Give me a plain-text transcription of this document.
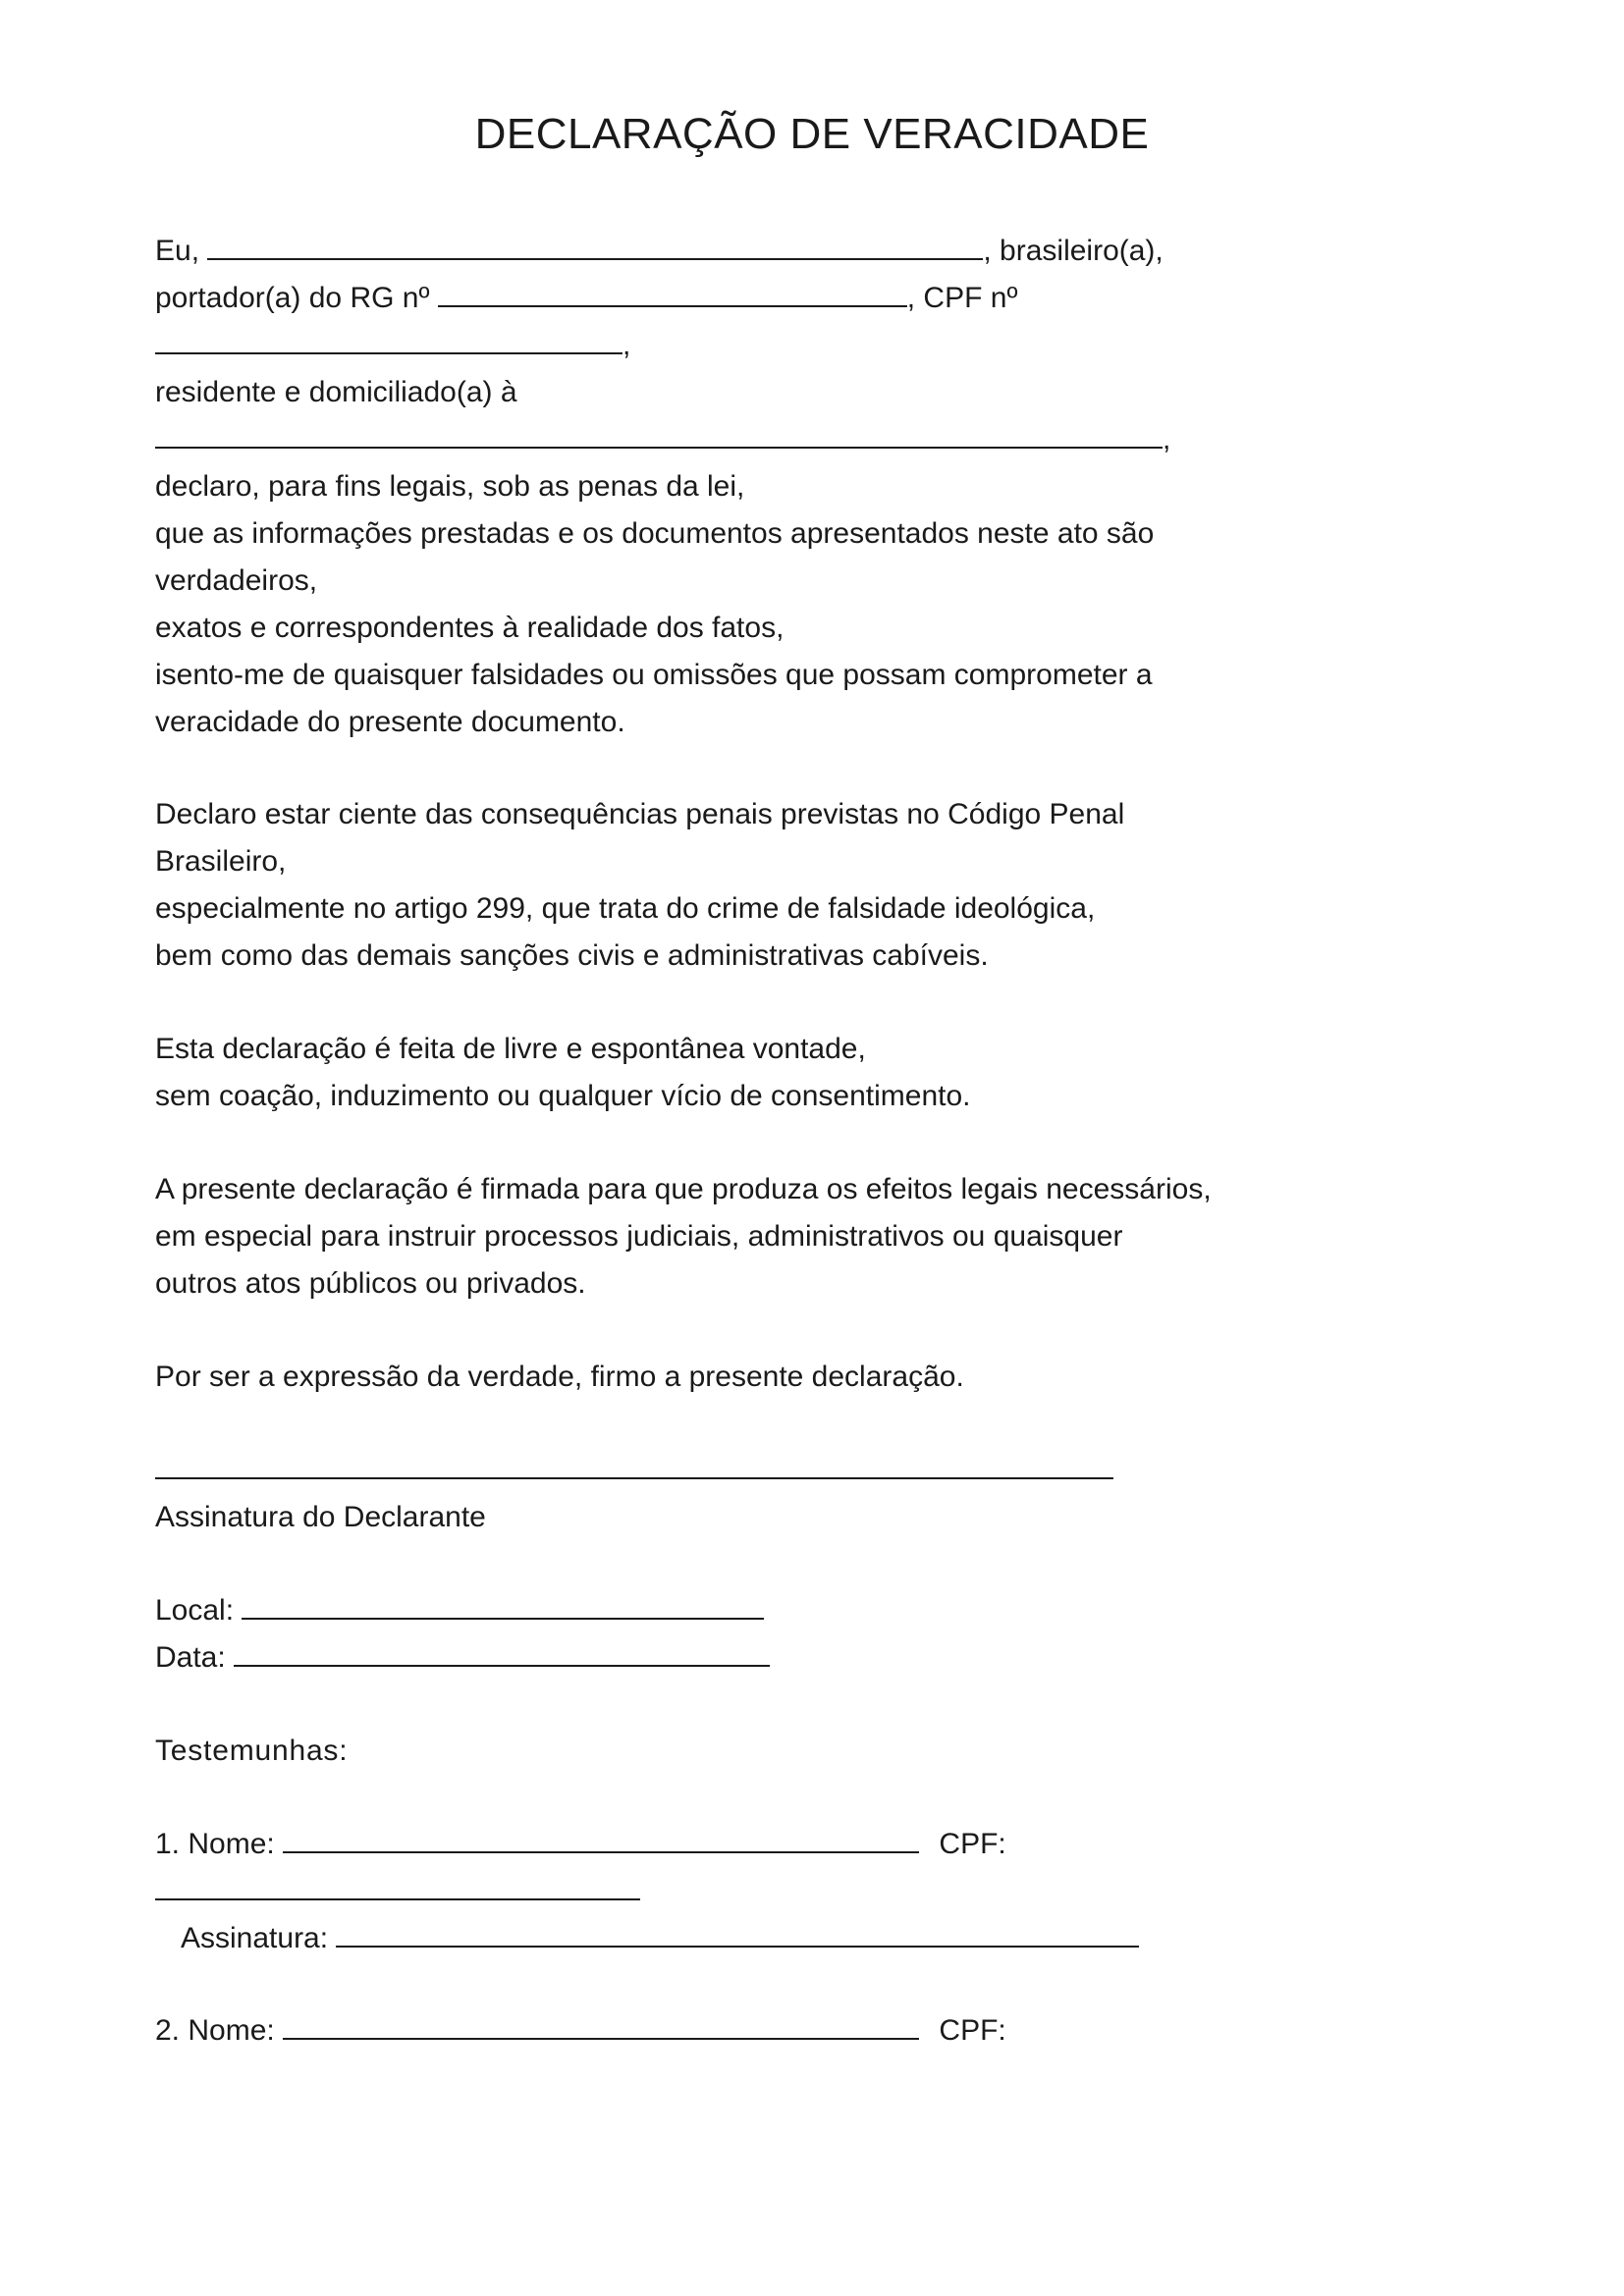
DECLARAÇÃO DE VERACIDADE
Eu,	, brasileiro(a),
portador(a) do RG nº	, CPF nº
,
residente e domiciliado(a) à
,
declaro, para fins legais, sob as penas da lei,
que as informações prestadas e os documentos apresentados neste ato são
verdadeiros,
exatos e correspondentes à realidade dos fatos,
isento-me de quaisquer falsidades ou omissões que possam comprometer a
veracidade do presente documento.
Declaro estar ciente das consequências penais previstas no Código Penal
Brasileiro,
especialmente no artigo 299, que trata do crime de falsidade ideológica,
bem como das demais sanções civis e administrativas cabíveis.
Esta declaração é feita de livre e espontânea vontade,
sem coação, induzimento ou qualquer vício de consentimento.
A presente declaração é firmada para que produza os efeitos legais necessários,
em especial para instruir processos judiciais, administrativos ou quaisquer
outros atos públicos ou privados.
Por ser a expressão da verdade, firmo a presente declaração.
Assinatura do Declarante
Local:
Data:
Testemunhas:
1. Nome:	CPF:
Assinatura:
2. Nome:	CPF:
